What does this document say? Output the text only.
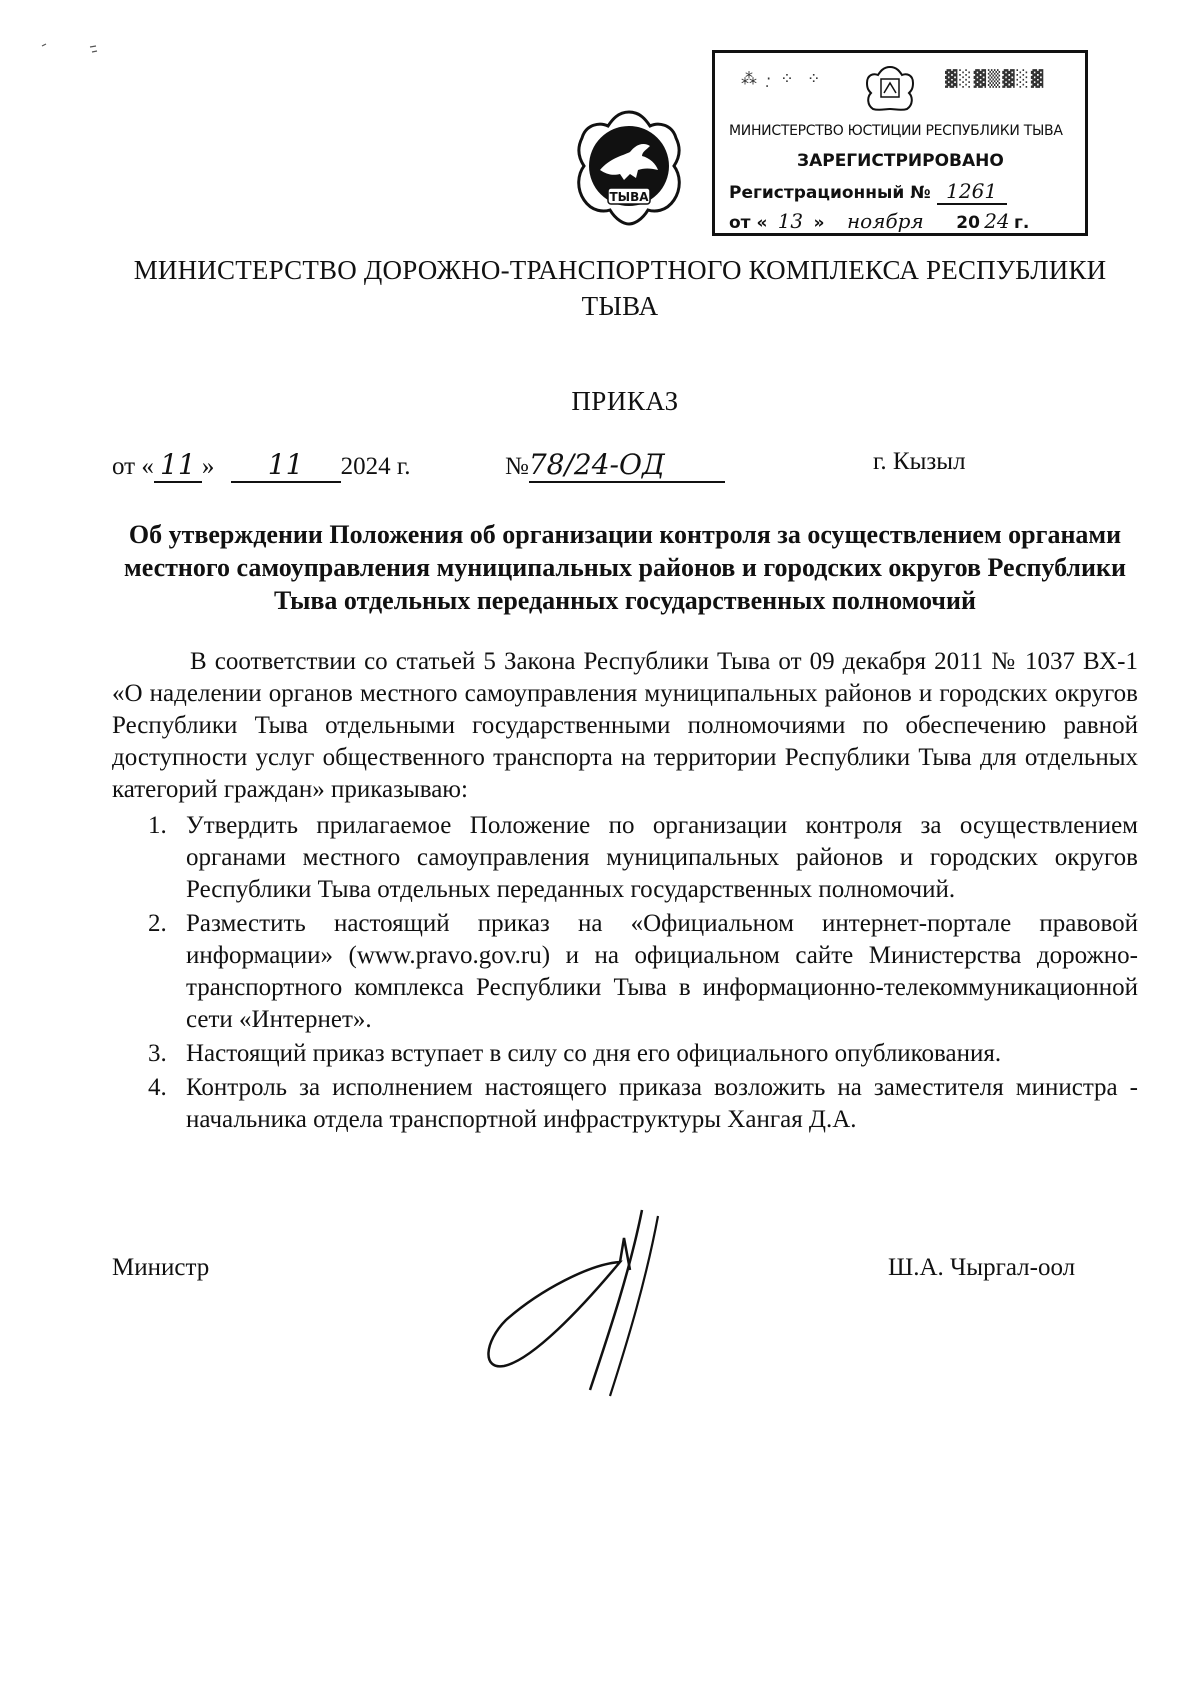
ТЫВА
⁂ ·̣ ⁘ ⁘	▓░▓▒▓░▓
МИНИСТЕРСТВО ЮСТИЦИИ РЕСПУБЛИКИ ТЫВА
ЗАРЕГИСТРИРОВАНО
Регистрационный № 1261
от « 13 » ноября 20 24 г.
МИНИСТЕРСТВО ДОРОЖНО-ТРАНСПОРТНОГО КОМПЛЕКСА РЕСПУБЛИКИ
ТЫВА
ПРИКАЗ
от « 11 » 11 2024 г.	№78/24-ОД	г. Кызыл
Об утверждении Положения об организации контроля за осуществлением органами местного самоуправления муниципальных районов и городских округов Республики Тыва отдельных переданных государственных полномочий

В соответствии со статьей 5 Закона Республики Тыва от 09 декабря 2011 № 1037 ВХ-1 «О наделении органов местного самоуправления муниципальных районов и городских округов Республики Тыва отдельными государственными полномочиями по обеспечению равной доступности услуг общественного транспорта на территории Республики Тыва для отдельных категорий граждан» приказываю:

1. Утвердить прилагаемое Положение по организации контроля за осуществлением органами местного самоуправления муниципальных районов и городских округов Республики Тыва отдельных переданных государственных полномочий.
2. Разместить настоящий приказ на «Официальном интернет-портале правовой информации» (www.pravo.gov.ru) и на официальном сайте Министерства дорожно-транспортного комплекса Республики Тыва в информационно-телекоммуникационной сети «Интернет».
3. Настоящий приказ вступает в силу со дня его официального опубликования.
4. Контроль за исполнением настоящего приказа возложить на заместителя министра - начальника отдела транспортной инфраструктуры Хангая Д.А.
Министр	Ш.А. Чыргал-оол
